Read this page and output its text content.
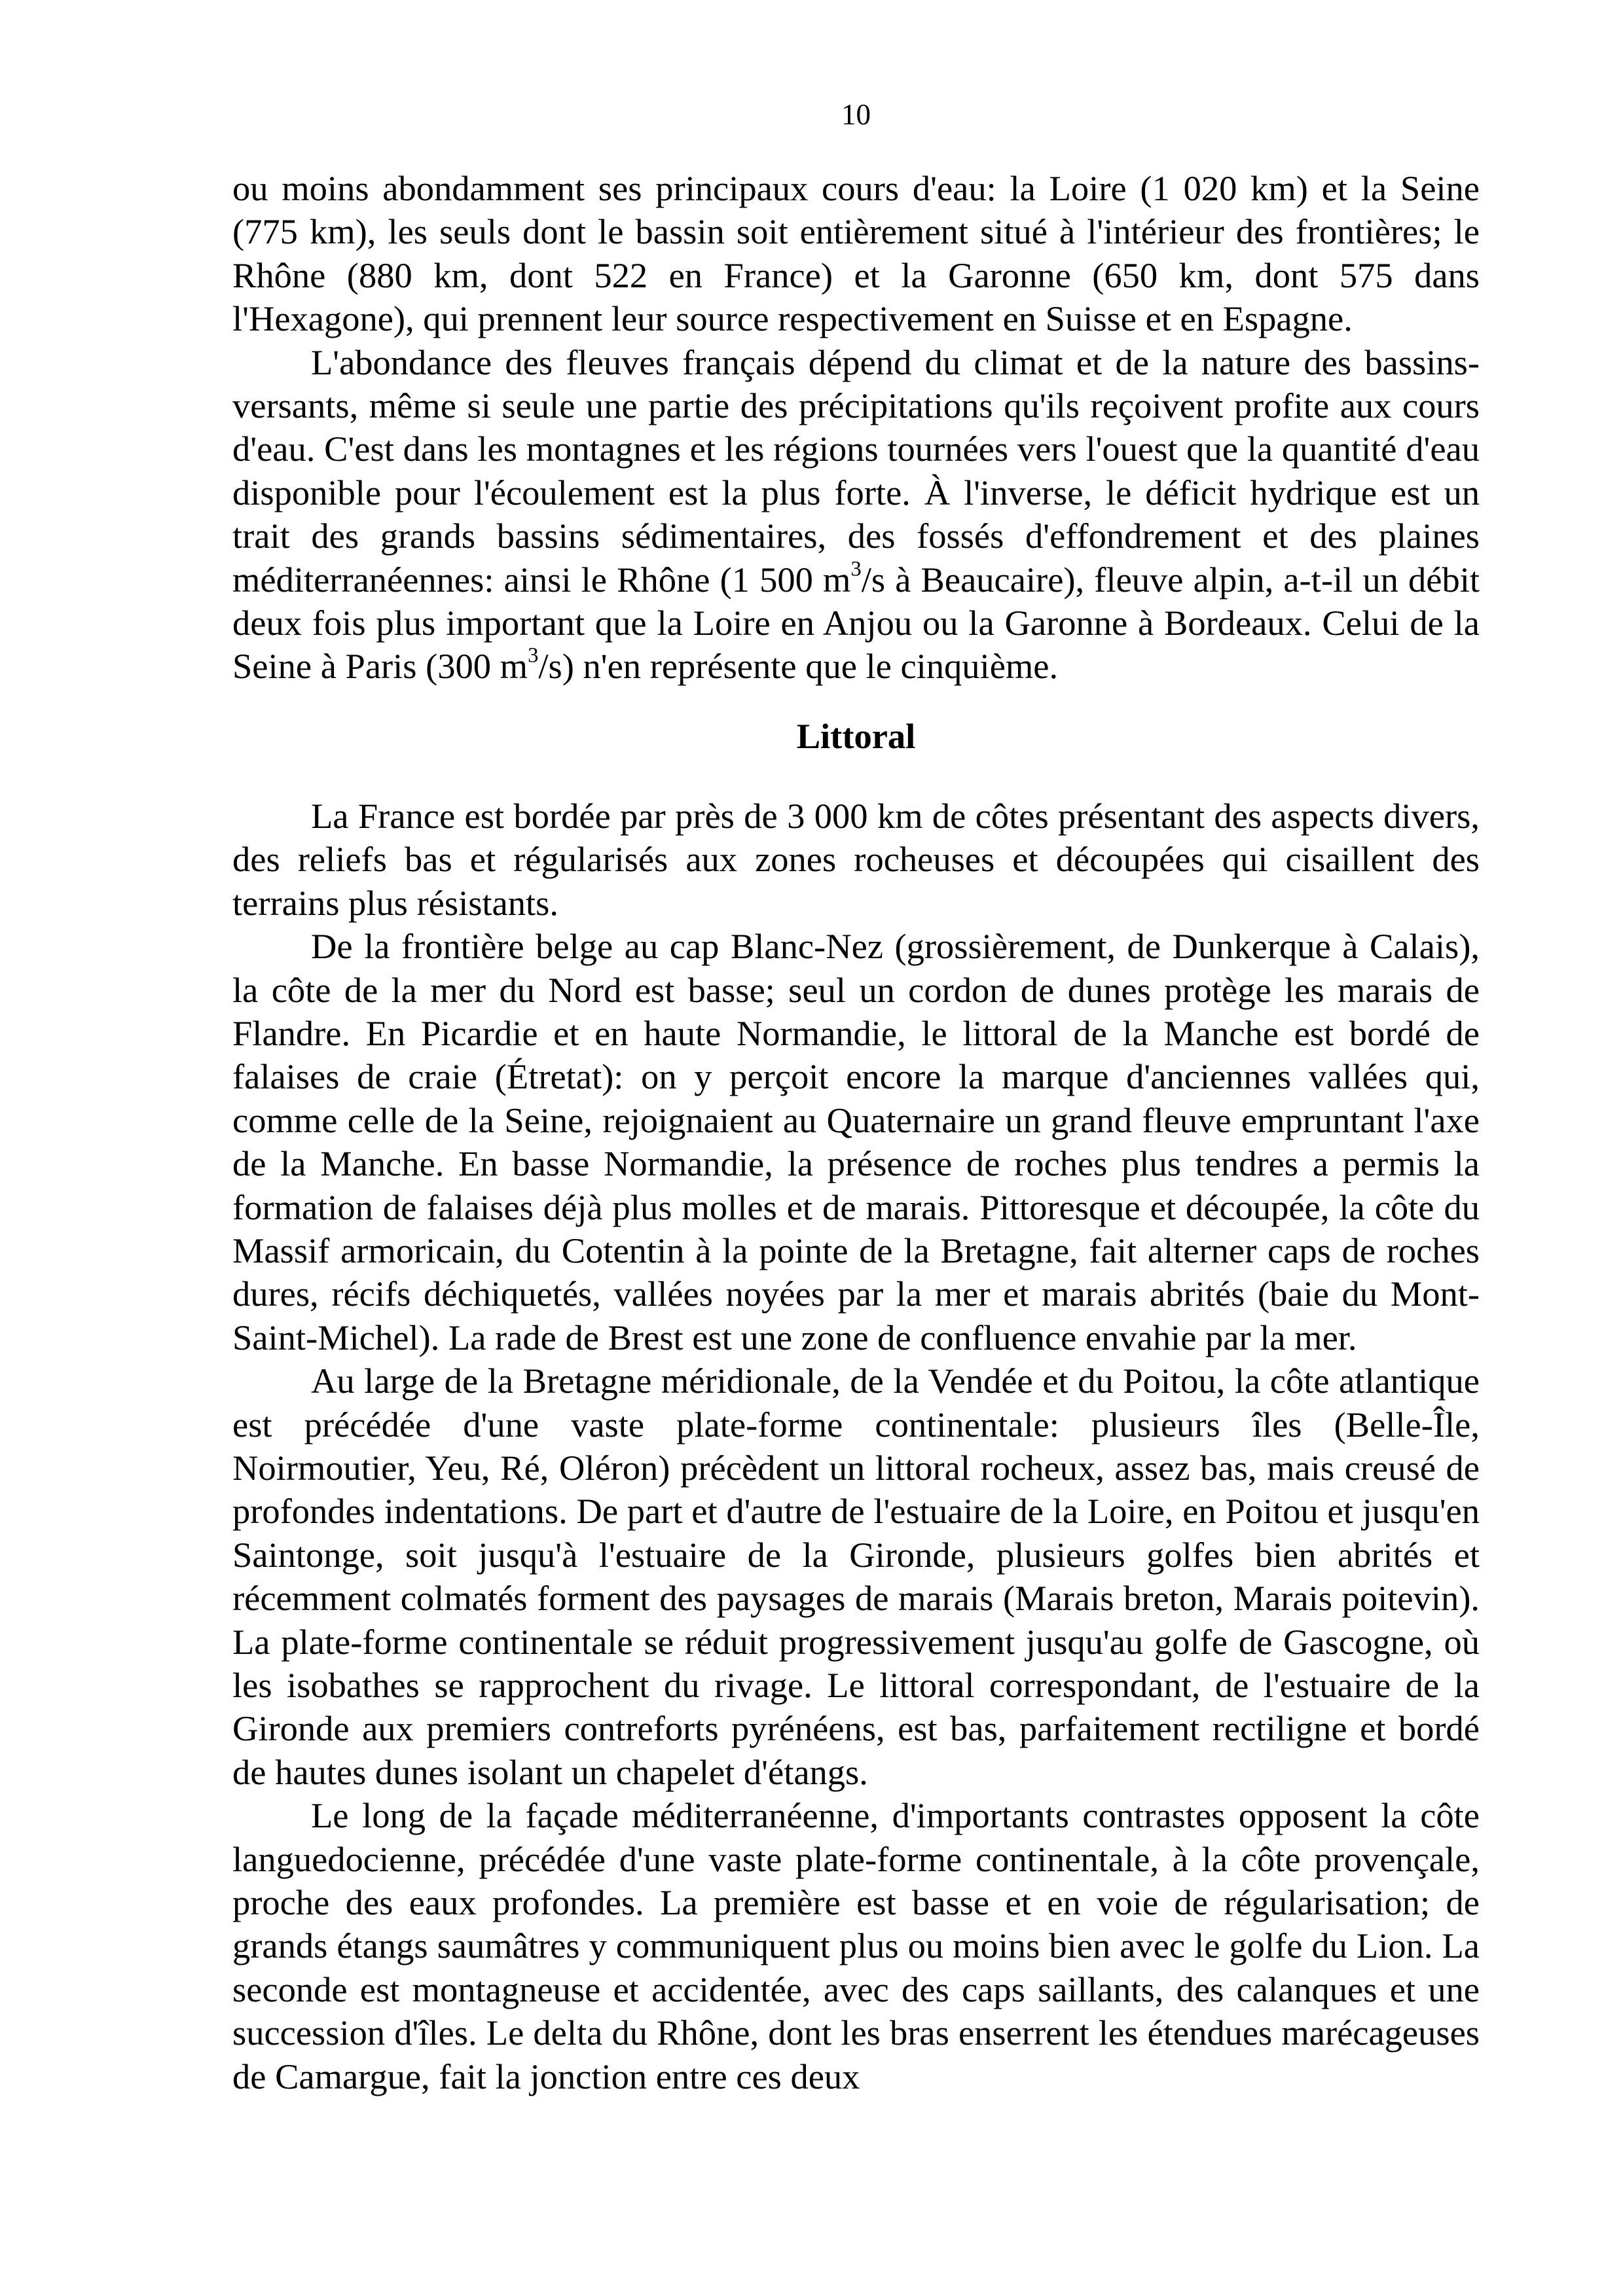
10

ou moins abondamment ses principaux cours d'eau: la Loire (1 020 km) et la Seine (775 km), les seuls dont le bassin soit entièrement situé à l'intérieur des frontières; le Rhône (880 km, dont 522 en France) et la Garonne (650 km, dont 575 dans l'Hexagone), qui prennent leur source respectivement en Suisse et en Espagne.

L'abondance des fleuves français dépend du climat et de la nature des bassins-versants, même si seule une partie des précipitations qu'ils reçoivent profite aux cours d'eau. C'est dans les montagnes et les régions tournées vers l'ouest que la quantité d'eau disponible pour l'écoulement est la plus forte. À l'inverse, le déficit hydrique est un trait des grands bassins sédimentaires, des fossés d'effondrement et des plaines méditerranéennes: ainsi le Rhône (1 500 $m^3/s$ à Beaucaire), fleuve alpin, a-t-il un débit deux fois plus important que la Loire en Anjou ou la Garonne à Bordeaux. Celui de la Seine à Paris (300 $m^3/s$) n'en représente que le cinquième.

Littoral

La France est bordée par près de 3 000 km de côtes présentant des aspects divers, des reliefs bas et régularisés aux zones rocheuses et découpées qui cisaillent des terrains plus résistants.

De la frontière belge au cap Blanc-Nez (grossièrement, de Dunkerque à Calais), la côte de la mer du Nord est basse; seul un cordon de dunes protège les marais de Flandre. En Picardie et en haute Normandie, le littoral de la Manche est bordé de falaises de craie (Étretat): on y perçoit encore la marque d'anciennes vallées qui, comme celle de la Seine, rejoignaient au Quaternaire un grand fleuve empruntant l'axe de la Manche. En basse Normandie, la présence de roches plus tendres a permis la formation de falaises déjà plus molles et de marais. Pittoresque et découpée, la côte du Massif armoricain, du Cotentin à la pointe de la Bretagne, fait alterner caps de roches dures, récifs déchiquetés, vallées noyées par la mer et marais abrités (baie du Mont-Saint-Michel). La rade de Brest est une zone de confluence envahie par la mer.

Au large de la Bretagne méridionale, de la Vendée et du Poitou, la côte atlantique est précédée d'une vaste plate-forme continentale: plusieurs îles (Belle-Île, Noirmoutier, Yeu, Ré, Oléron) précèdent un littoral rocheux, assez bas, mais creusé de profondes indentations. De part et d'autre de l'estuaire de la Loire, en Poitou et jusqu'en Saintonge, soit jusqu'à l'estuaire de la Gironde, plusieurs golfes bien abrités et récemment colmatés forment des paysages de marais (Marais breton, Marais poitevin). La plate-forme continentale se réduit progressivement jusqu'au golfe de Gascogne, où les isobathes se rapprochent du rivage. Le littoral correspondant, de l'estuaire de la Gironde aux premiers contreforts pyrénéens, est bas, parfaitement rectiligne et bordé de hautes dunes isolant un chapelet d'étangs.

Le long de la façade méditerranéenne, d'importants contrastes opposent la côte languedocienne, précédée d'une vaste plate-forme continentale, à la côte provençale, proche des eaux profondes. La première est basse et en voie de régularisation; de grands étangs saumâtres y communiquent plus ou moins bien avec le golfe du Lion. La seconde est montagneuse et accidentée, avec des caps saillants, des calanques et une succession d'îles. Le delta du Rhône, dont les bras enserrent les étendues marécageuses de Camargue, fait la jonction entre ces deux
